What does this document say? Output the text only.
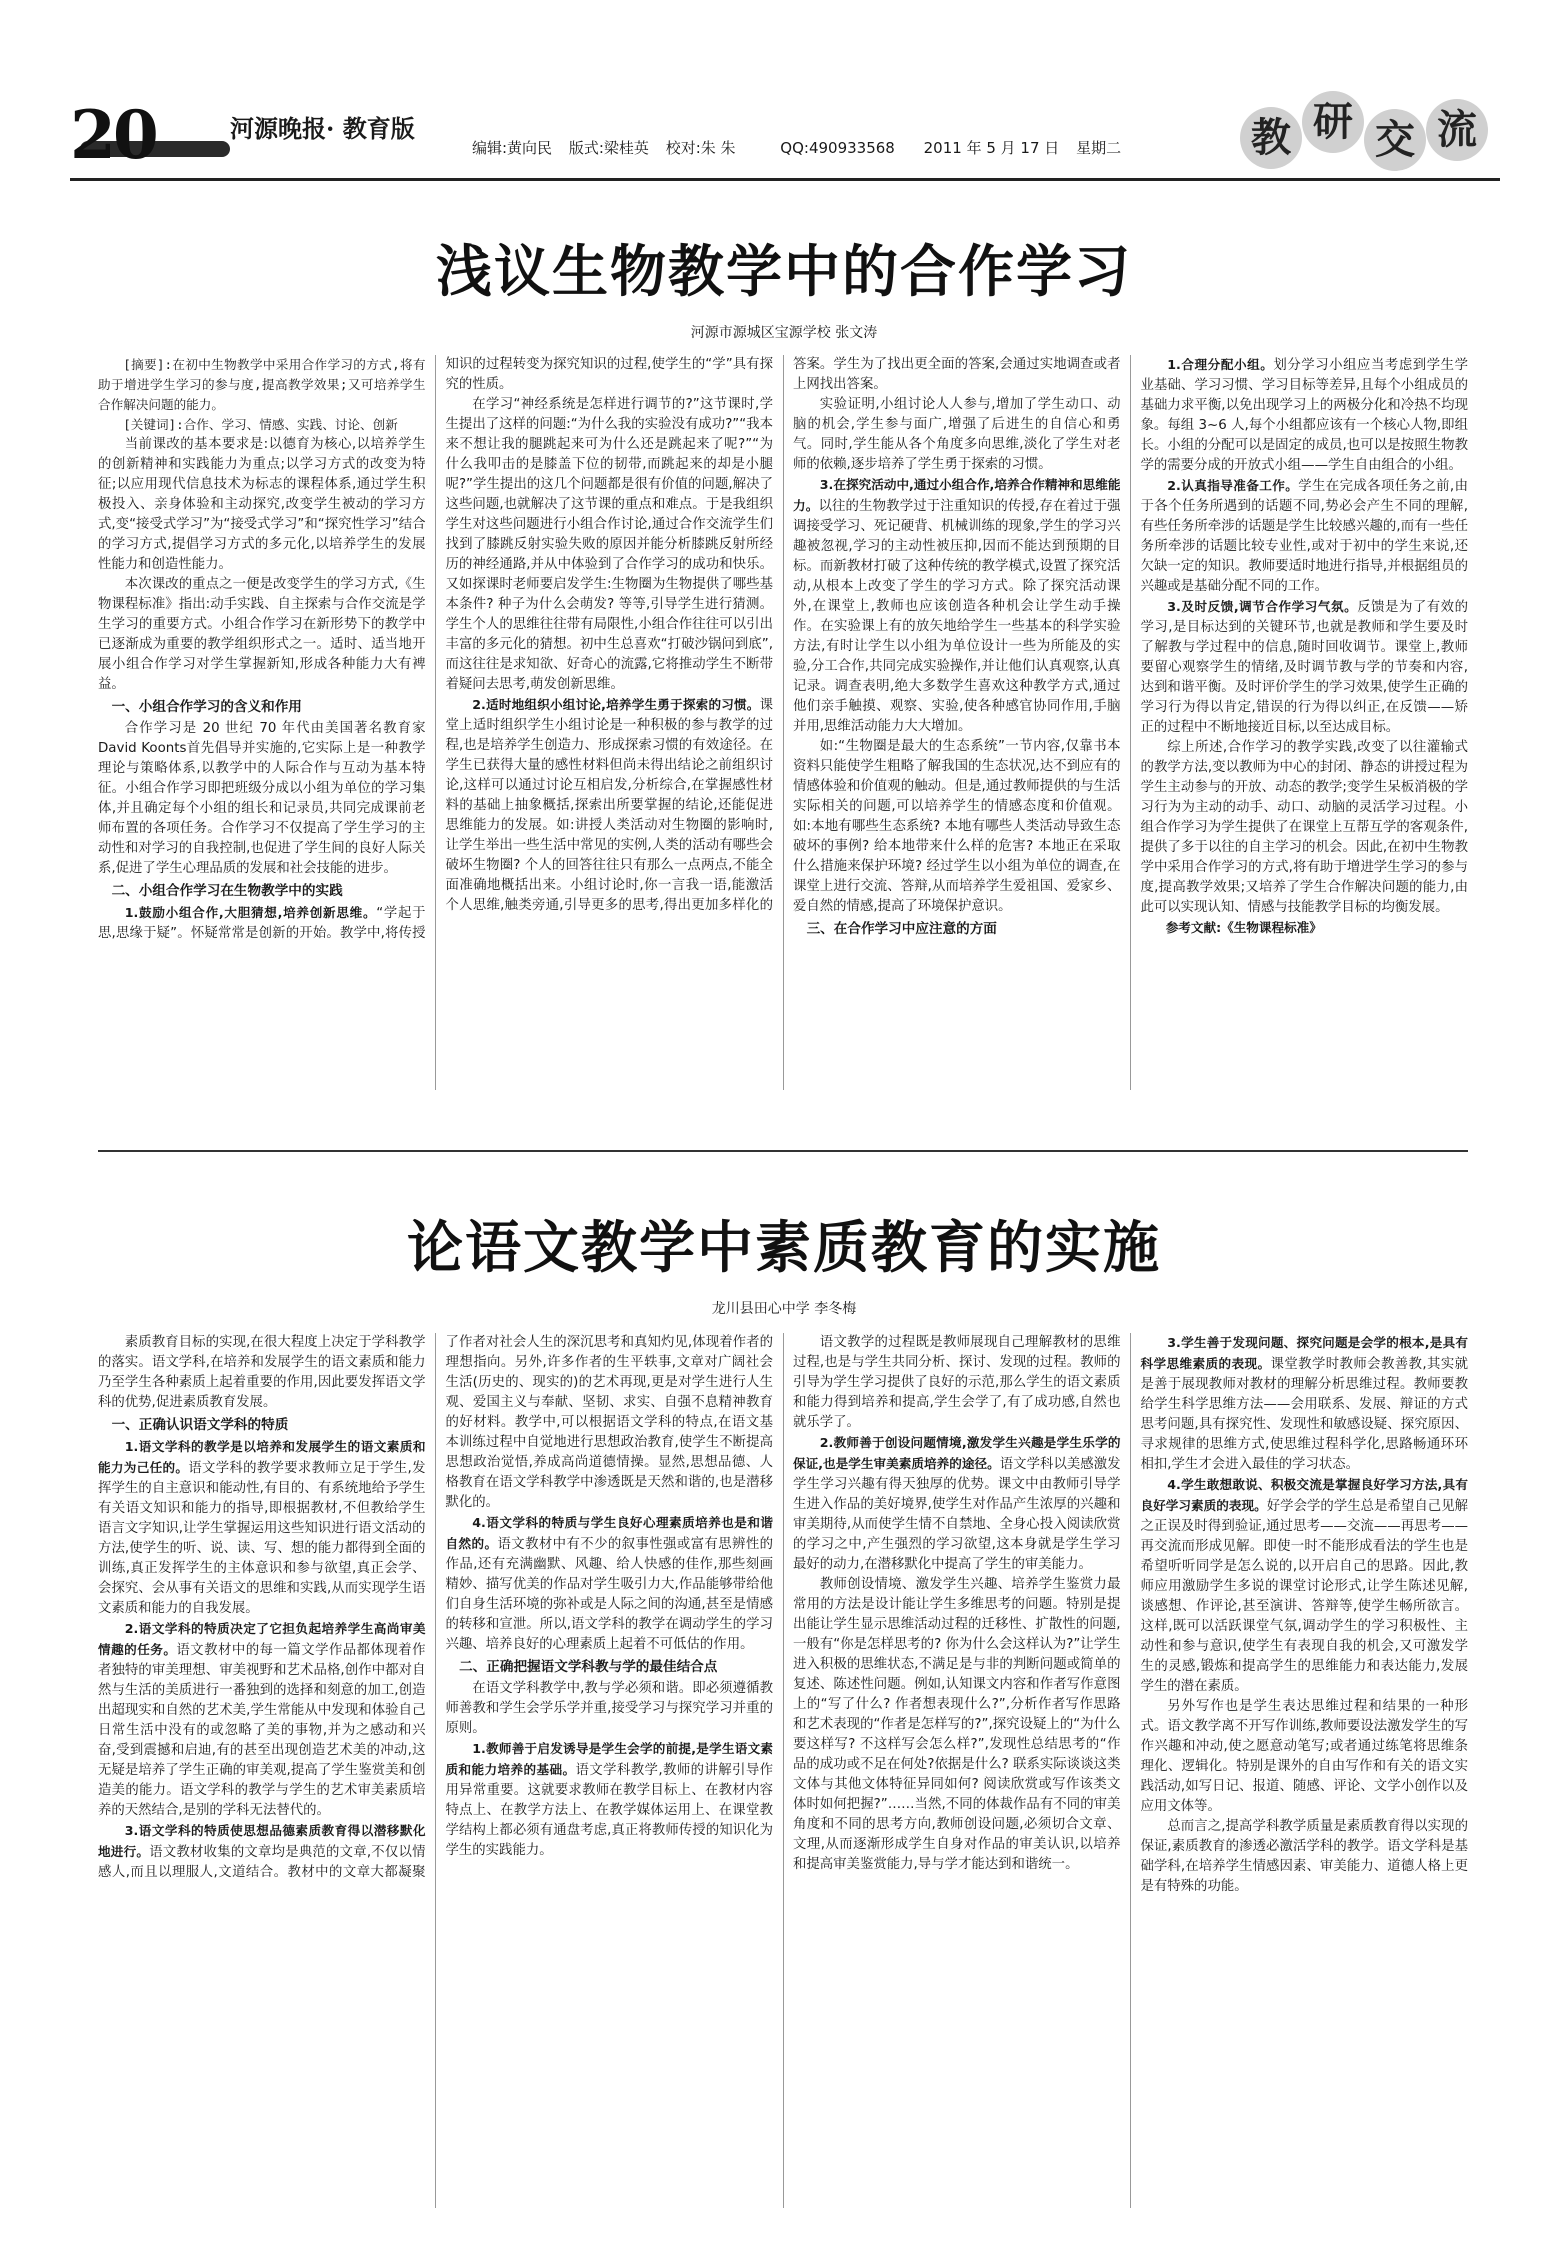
20	河源晚报· 教育版
编辑:黄向民 版式:梁桂英 校对:朱 朱	QQ:490933568 2011 年 5 月 17 日 星期二	教 研 交 流
浅议生物教学中的合作学习
河源市源城区宝源学校 张文涛

[摘要]:在初中生物教学中采用合作学习的方式,将有助于增进学生学习的参与度,提高教学效果;又可培养学生合作解决问题的能力。

[关键词]:合作、学习、情感、实践、讨论、创新

当前课改的基本要求是:以德育为核心,以培养学生的创新精神和实践能力为重点;以学习方式的改变为特征;以应用现代信息技术为标志的课程体系,通过学生积极投入、亲身体验和主动探究,改变学生被动的学习方式,变“接受式学习”为“接受式学习”和“探究性学习”结合的学习方式,提倡学习方式的多元化,以培养学生的发展性能力和创造性能力。

本次课改的重点之一便是改变学生的学习方式,《生物课程标准》指出:动手实践、自主探索与合作交流是学生学习的重要方式。小组合作学习在新形势下的教学中已逐渐成为重要的教学组织形式之一。适时、适当地开展小组合作学习对学生掌握新知,形成各种能力大有裨益。

一、小组合作学习的含义和作用

合作学习是 20 世纪 70 年代由美国著名教育家David Koonts首先倡导并实施的,它实际上是一种教学理论与策略体系,以教学中的人际合作与互动为基本特征。小组合作学习即把班级分成以小组为单位的学习集体,并且确定每个小组的组长和记录员,共同完成课前老师布置的各项任务。合作学习不仅提高了学生学习的主动性和对学习的自我控制,也促进了学生间的良好人际关系,促进了学生心理品质的发展和社会技能的进步。

二、小组合作学习在生物教学中的实践

1.鼓励小组合作,大胆猜想,培养创新思维。“学起于思,思缘于疑”。怀疑常常是创新的开始。教学中,将传授知识的过程转变为探究知识的过程,使学生的“学”具有探究的性质。

在学习“神经系统是怎样进行调节的?”这节课时,学生提出了这样的问题:“为什么我的实验没有成功?”“我本来不想让我的腿跳起来可为什么还是跳起来了呢?”“为什么我叩击的是膝盖下位的韧带,而跳起来的却是小腿呢?”学生提出的这几个问题都是很有价值的问题,解决了这些问题,也就解决了这节课的重点和难点。于是我组织学生对这些问题进行小组合作讨论,通过合作交流学生们找到了膝跳反射实验失败的原因并能分析膝跳反射所经历的神经通路,并从中体验到了合作学习的成功和快乐。又如探课时老师要启发学生:生物圈为生物提供了哪些基本条件? 种子为什么会萌发? 等等,引导学生进行猜测。学生个人的思维往往带有局限性,小组合作往往可以引出丰富的多元化的猜想。初中生总喜欢“打破沙锅问到底”,而这往往是求知欲、好奇心的流露,它将推动学生不断带着疑问去思考,萌发创新思维。

2.适时地组织小组讨论,培养学生勇于探索的习惯。课堂上适时组织学生小组讨论是一种积极的参与教学的过程,也是培养学生创造力、形成探索习惯的有效途径。在学生已获得大量的感性材料但尚未得出结论之前组织讨论,这样可以通过讨论互相启发,分析综合,在掌握感性材料的基础上抽象概括,探索出所要掌握的结论,还能促进思维能力的发展。如:讲授人类活动对生物圈的影响时,让学生举出一些生活中常见的实例,人类的活动有哪些会破坏生物圈? 个人的回答往往只有那么一点两点,不能全面准确地概括出来。小组讨论时,你一言我一语,能激活个人思维,触类旁通,引导更多的思考,得出更加多样化的答案。学生为了找出更全面的答案,会通过实地调查或者上网找出答案。

实验证明,小组讨论人人参与,增加了学生动口、动脑的机会,学生参与面广,增强了后进生的自信心和勇气。同时,学生能从各个角度多向思维,淡化了学生对老师的依赖,逐步培养了学生勇于探索的习惯。

3.在探究活动中,通过小组合作,培养合作精神和思维能力。以往的生物教学过于注重知识的传授,存在着过于强调接受学习、死记硬背、机械训练的现象,学生的学习兴趣被忽视,学习的主动性被压抑,因而不能达到预期的目标。而新教材打破了这种传统的教学模式,设置了探究活动,从根本上改变了学生的学习方式。除了探究活动课外,在课堂上,教师也应该创造各种机会让学生动手操作。在实验课上有的放矢地给学生一些基本的科学实验方法,有时让学生以小组为单位设计一些为所能及的实验,分工合作,共同完成实验操作,并让他们认真观察,认真记录。调查表明,绝大多数学生喜欢这种教学方式,通过他们亲手触摸、观察、实验,使各种感官协同作用,手脑并用,思维活动能力大大增加。

如:“生物圈是最大的生态系统”一节内容,仅靠书本资料只能使学生粗略了解我国的生态状况,达不到应有的情感体验和价值观的触动。但是,通过教师提供的与生活实际相关的问题,可以培养学生的情感态度和价值观。如:本地有哪些生态系统? 本地有哪些人类活动导致生态破坏的事例? 给本地带来什么样的危害? 本地正在采取什么措施来保护环境? 经过学生以小组为单位的调查,在课堂上进行交流、答辩,从而培养学生爱祖国、爱家乡、爱自然的情感,提高了环境保护意识。

三、在合作学习中应注意的方面

1.合理分配小组。划分学习小组应当考虑到学生学业基础、学习习惯、学习目标等差异,且每个小组成员的基础力求平衡,以免出现学习上的两极分化和冷热不均现象。每组 3~6 人,每个小组都应该有一个核心人物,即组长。小组的分配可以是固定的成员,也可以是按照生物教学的需要分成的开放式小组——学生自由组合的小组。

2.认真指导准备工作。学生在完成各项任务之前,由于各个任务所遇到的话题不同,势必会产生不同的理解,有些任务所牵涉的话题是学生比较感兴趣的,而有一些任务所牵涉的话题比较专业性,或对于初中的学生来说,还欠缺一定的知识。教师要适时地进行指导,并根据组员的兴趣或是基础分配不同的工作。

3.及时反馈,调节合作学习气氛。反馈是为了有效的学习,是目标达到的关键环节,也就是教师和学生要及时了解教与学过程中的信息,随时回收调节。课堂上,教师要留心观察学生的情绪,及时调节教与学的节奏和内容,达到和谐平衡。及时评价学生的学习效果,使学生正确的学习行为得以肯定,错误的行为得以纠正,在反馈——矫正的过程中不断地接近目标,以至达成目标。

综上所述,合作学习的教学实践,改变了以往灌输式的教学方法,变以教师为中心的封闭、静态的讲授过程为学生主动参与的开放、动态的教学;变学生呆板消极的学习行为为主动的动手、动口、动脑的灵活学习过程。小组合作学习为学生提供了在课堂上互帮互学的客观条件,提供了多于以往的自主学习的机会。因此,在初中生物教学中采用合作学习的方式,将有助于增进学生学习的参与度,提高教学效果;又培养了学生合作解决问题的能力,由此可以实现认知、情感与技能教学目标的均衡发展。

参考文献:《生物课程标准》

论语文教学中素质教育的实施
龙川县田心中学 李冬梅

素质教育目标的实现,在很大程度上决定于学科教学的落实。语文学科,在培养和发展学生的语文素质和能力乃至学生各种素质上起着重要的作用,因此要发挥语文学科的优势,促进素质教育发展。

一、正确认识语文学科的特质

1.语文学科的教学是以培养和发展学生的语文素质和能力为己任的。语文学科的教学要求教师立足于学生,发挥学生的自主意识和能动性,有目的、有系统地给予学生有关语文知识和能力的指导,即根据教材,不但教给学生语言文字知识,让学生掌握运用这些知识进行语文活动的方法,使学生的听、说、读、写、想的能力都得到全面的训练,真正发挥学生的主体意识和参与欲望,真正会学、会探究、会从事有关语文的思维和实践,从而实现学生语文素质和能力的自我发展。

2.语文学科的特质决定了它担负起培养学生高尚审美情趣的任务。语文教材中的每一篇文学作品都体现着作者独特的审美理想、审美视野和艺术品格,创作中都对自然与生活的美质进行一番独到的选择和刻意的加工,创造出超现实和自然的艺术美,学生常能从中发现和体验自己日常生活中没有的或忽略了美的事物,并为之感动和兴奋,受到震撼和启迪,有的甚至出现创造艺术美的冲动,这无疑是培养了学生正确的审美观,提高了学生鉴赏美和创造美的能力。语文学科的教学与学生的艺术审美素质培养的天然结合,是别的学科无法替代的。

3.语文学科的特质使思想品德素质教育得以潜移默化地进行。语文教材收集的文章均是典范的文章,不仅以情感人,而且以理服人,文道结合。教材中的文章大都凝聚了作者对社会人生的深沉思考和真知灼见,体现着作者的理想指向。另外,许多作者的生平轶事,文章对广阔社会生活(历史的、现实的)的艺术再现,更是对学生进行人生观、爱国主义与奉献、坚韧、求实、自强不息精神教育的好材料。教学中,可以根据语文学科的特点,在语文基本训练过程中自觉地进行思想政治教育,使学生不断提高思想政治觉悟,养成高尚道德情操。显然,思想品德、人格教育在语文学科教学中渗透既是天然和谐的,也是潜移默化的。

4.语文学科的特质与学生良好心理素质培养也是和谐自然的。语文教材中有不少的叙事性强或富有思辨性的作品,还有充满幽默、风趣、给人快感的佳作,那些刻画精妙、描写优美的作品对学生吸引力大,作品能够带给他们自身生活环境的弥补或是人际之间的沟通,甚至是情感的转移和宣泄。所以,语文学科的教学在调动学生的学习兴趣、培养良好的心理素质上起着不可低估的作用。

二、正确把握语文学科教与学的最佳结合点

在语文学科教学中,教与学必须和谐。即必须遵循教师善教和学生会学乐学并重,接受学习与探究学习并重的原则。

1.教师善于启发诱导是学生会学的前提,是学生语文素质和能力培养的基础。语文学科教学,教师的讲解引导作用异常重要。这就要求教师在教学目标上、在教材内容特点上、在教学方法上、在教学媒体运用上、在课堂教学结构上都必须有通盘考虑,真正将教师传授的知识化为学生的实践能力。

语文教学的过程既是教师展现自己理解教材的思维过程,也是与学生共同分析、探讨、发现的过程。教师的引导为学生学习提供了良好的示范,那么学生的语文素质和能力得到培养和提高,学生会学了,有了成功感,自然也就乐学了。

2.教师善于创设问题情境,激发学生兴趣是学生乐学的保证,也是学生审美素质培养的途径。语文学科以美感激发学生学习兴趣有得天独厚的优势。课文中由教师引导学生进入作品的美好境界,使学生对作品产生浓厚的兴趣和审美期待,从而使学生情不自禁地、全身心投入阅读欣赏的学习之中,产生强烈的学习欲望,这本身就是学生学习最好的动力,在潜移默化中提高了学生的审美能力。

教师创设情境、激发学生兴趣、培养学生鉴赏力最常用的方法是设计能让学生多维思考的问题。特别是提出能让学生显示思维活动过程的迁移性、扩散性的问题,一般有“你是怎样思考的? 你为什么会这样认为?”让学生进入积极的思维状态,不满足是与非的判断问题或简单的复述、陈述性问题。例如,认知课文内容和作者写作意图上的“写了什么? 作者想表现什么?”,分析作者写作思路和艺术表现的“作者是怎样写的?”,探究设疑上的“为什么要这样写? 不这样写会怎么样?”,发现性总结思考的“作品的成功或不足在何处?依据是什么? 联系实际谈谈这类文体与其他文体特征异同如何? 阅读欣赏或写作该类文体时如何把握?”……当然,不同的体裁作品有不同的审美角度和不同的思考方向,教师创设问题,必须切合文章、文理,从而逐渐形成学生自身对作品的审美认识,以培养和提高审美鉴赏能力,导与学才能达到和谐统一。

3.学生善于发现问题、探究问题是会学的根本,是具有科学思维素质的表现。课堂教学时教师会教善教,其实就是善于展现教师对教材的理解分析思维过程。教师要教给学生科学思维方法——会用联系、发展、辩证的方式思考问题,具有探究性、发现性和敏感设疑、探究原因、寻求规律的思维方式,使思维过程科学化,思路畅通环环相扣,学生才会进入最佳的学习状态。

4.学生敢想敢说、积极交流是掌握良好学习方法,具有良好学习素质的表现。好学会学的学生总是希望自己见解之正误及时得到验证,通过思考——交流——再思考——再交流而形成见解。即使一时不能形成看法的学生也是希望听听同学是怎么说的,以开启自己的思路。因此,教师应用激励学生多说的课堂讨论形式,让学生陈述见解,谈感想、作评论,甚至演讲、答辩等,使学生畅所欲言。这样,既可以活跃课堂气氛,调动学生的学习积极性、主动性和参与意识,使学生有表现自我的机会,又可激发学生的灵感,锻炼和提高学生的思维能力和表达能力,发展学生的潜在素质。

另外写作也是学生表达思维过程和结果的一种形式。语文教学离不开写作训练,教师要设法激发学生的写作兴趣和冲动,使之愿意动笔写;或者通过练笔将思维条理化、逻辑化。特别是课外的自由写作和有关的语文实践活动,如写日记、报道、随感、评论、文学小创作以及应用文体等。

总而言之,提高学科教学质量是素质教育得以实现的保证,素质教育的渗透必激活学科的教学。语文学科是基础学科,在培养学生情感因素、审美能力、道德人格上更是有特殊的功能。
